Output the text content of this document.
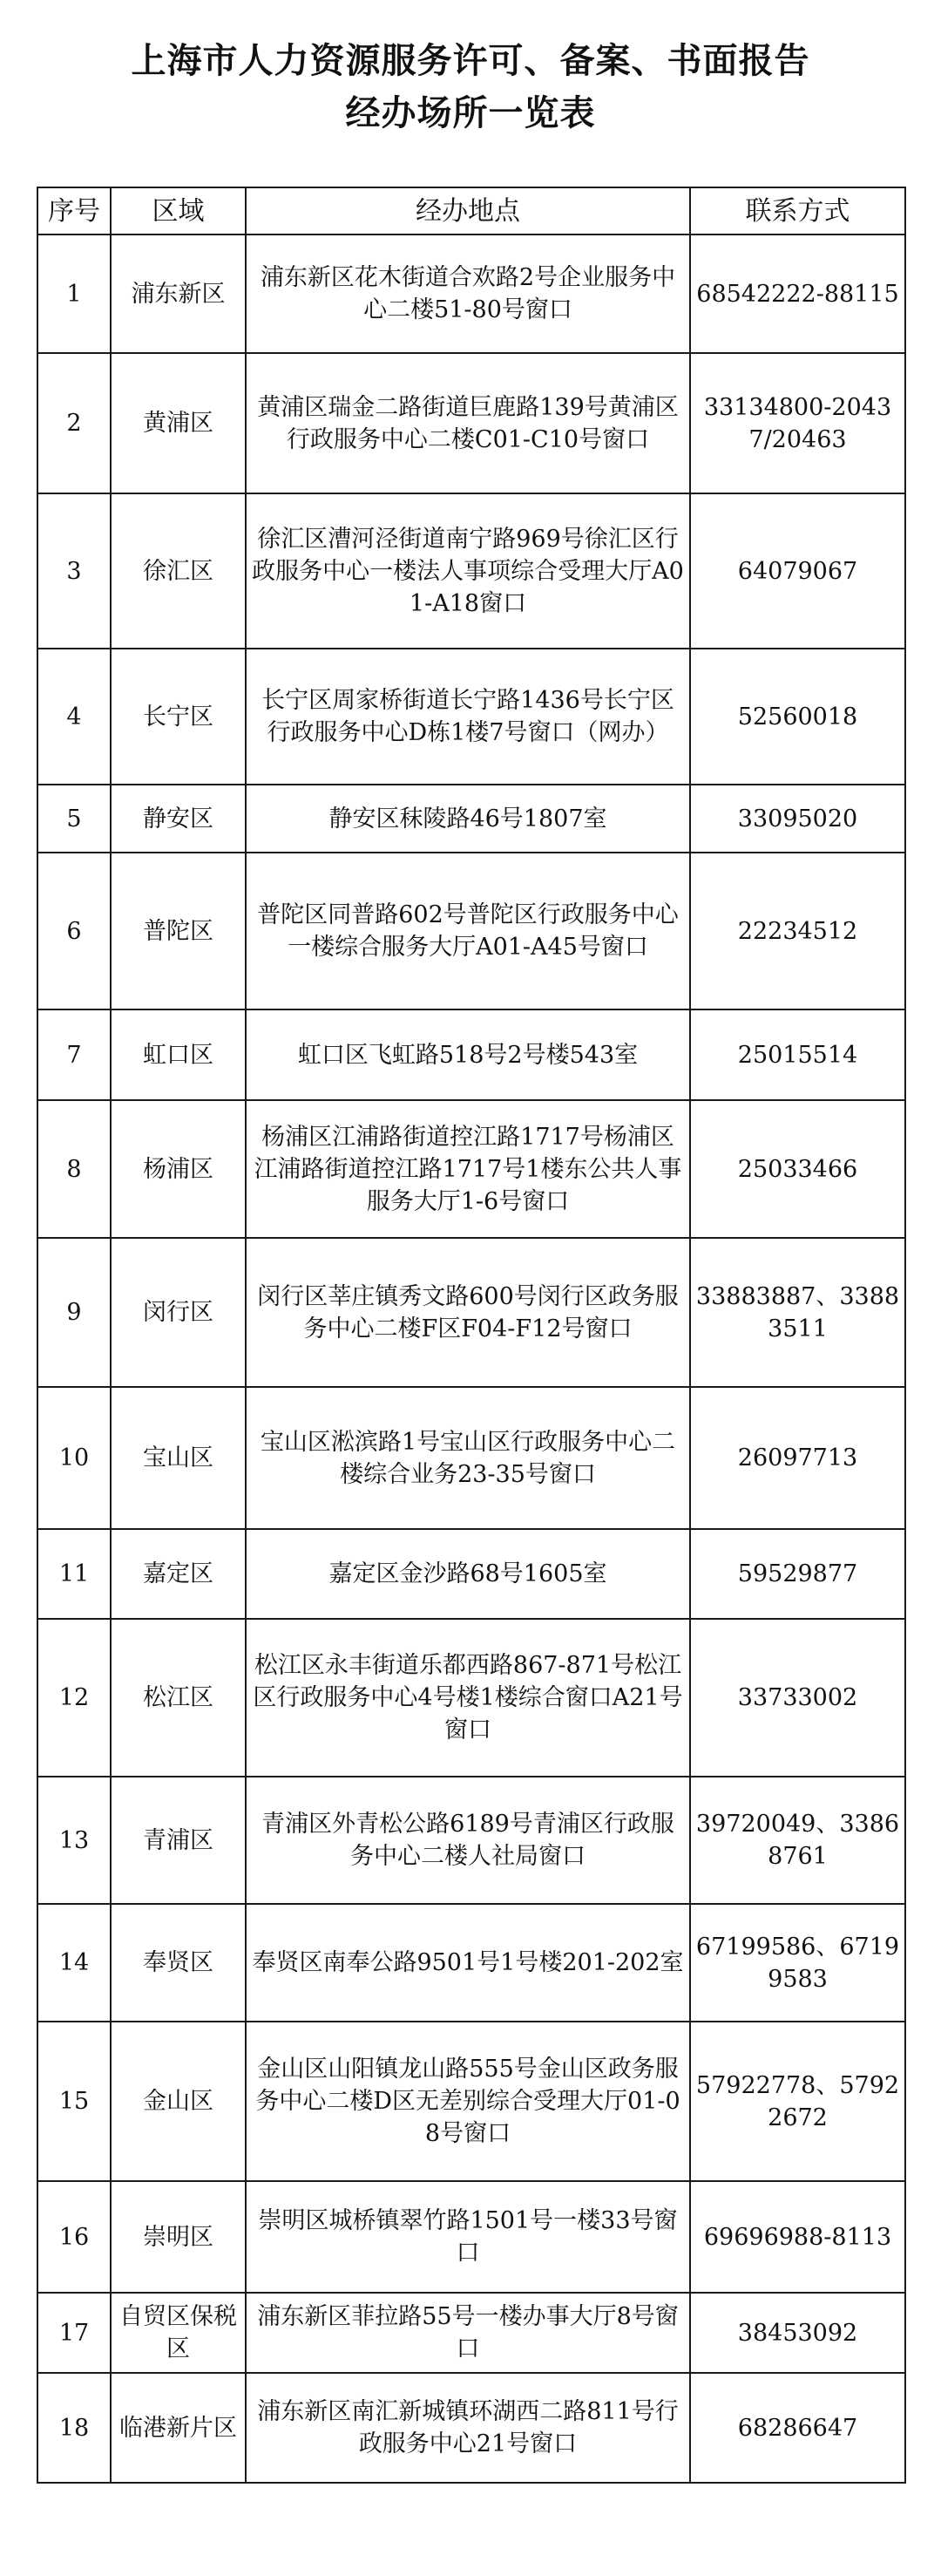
上海市人力资源服务许可、备案、书面报告
经办场所一览表
序号	区域	经办地点	联系方式
1	浦东新区	浦东新区花木街道合欢路2号企业服务中心二楼51-80号窗口	68542222-88115
2	黄浦区	黄浦区瑞金二路街道巨鹿路139号黄浦区行政服务中心二楼C01-C10号窗口	33134800-20437/20463
3	徐汇区	徐汇区漕河泾街道南宁路969号徐汇区行政服务中心一楼法人事项综合受理大厅A01-A18窗口	64079067
4	长宁区	长宁区周家桥街道长宁路1436号长宁区行政服务中心D栋1楼7号窗口（网办）	52560018
5	静安区	静安区秣陵路46号1807室	33095020
6	普陀区	普陀区同普路602号普陀区行政服务中心一楼综合服务大厅A01-A45号窗口	22234512
7	虹口区	虹口区飞虹路518号2号楼543室	25015514
8	杨浦区	杨浦区江浦路街道控江路1717号杨浦区江浦路街道控江路1717号1楼东公共人事服务大厅1-6号窗口	25033466
9	闵行区	闵行区莘庄镇秀文路600号闵行区政务服务中心二楼F区F04-F12号窗口	33883887、33883511
10	宝山区	宝山区淞滨路1号宝山区行政服务中心二楼综合业务23-35号窗口	26097713
11	嘉定区	嘉定区金沙路68号1605室	59529877
12	松江区	松江区永丰街道乐都西路867-871号松江区行政服务中心4号楼1楼综合窗口A21号窗口	33733002
13	青浦区	青浦区外青松公路6189号青浦区行政服务中心二楼人社局窗口	39720049、33868761
14	奉贤区	奉贤区南奉公路9501号1号楼201-202室	67199586、67199583
15	金山区	金山区山阳镇龙山路555号金山区政务服务中心二楼D区无差别综合受理大厅01-08号窗口	57922778、57922672
16	崇明区	崇明区城桥镇翠竹路1501号一楼33号窗口	69696988-8113
17	自贸区保税区	浦东新区菲拉路55号一楼办事大厅8号窗口	38453092
18	临港新片区	浦东新区南汇新城镇环湖西二路811号行政服务中心21号窗口	68286647
